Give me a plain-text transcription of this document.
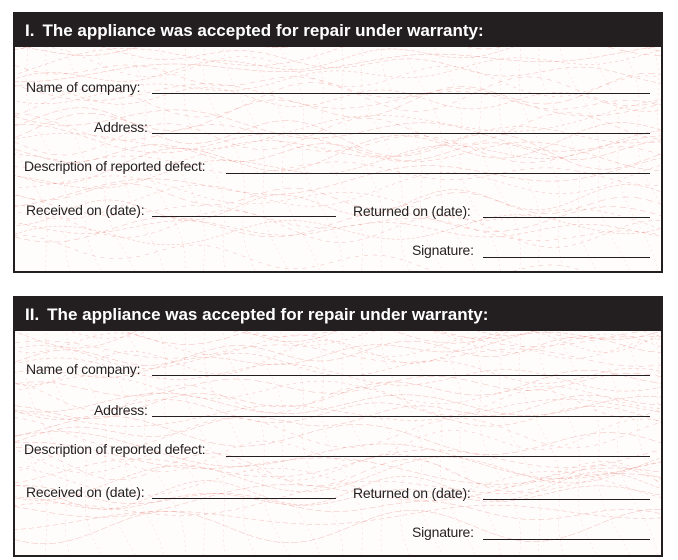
I. The appliance was accepted for repair under warranty:
Name of company:
Address:
Description of reported defect:
Received on (date):	Returned on (date):
Signature:
II. The appliance was accepted for repair under warranty:
Name of company:
Address:
Description of reported defect:
Received on (date):	Returned on (date):
Signature:
